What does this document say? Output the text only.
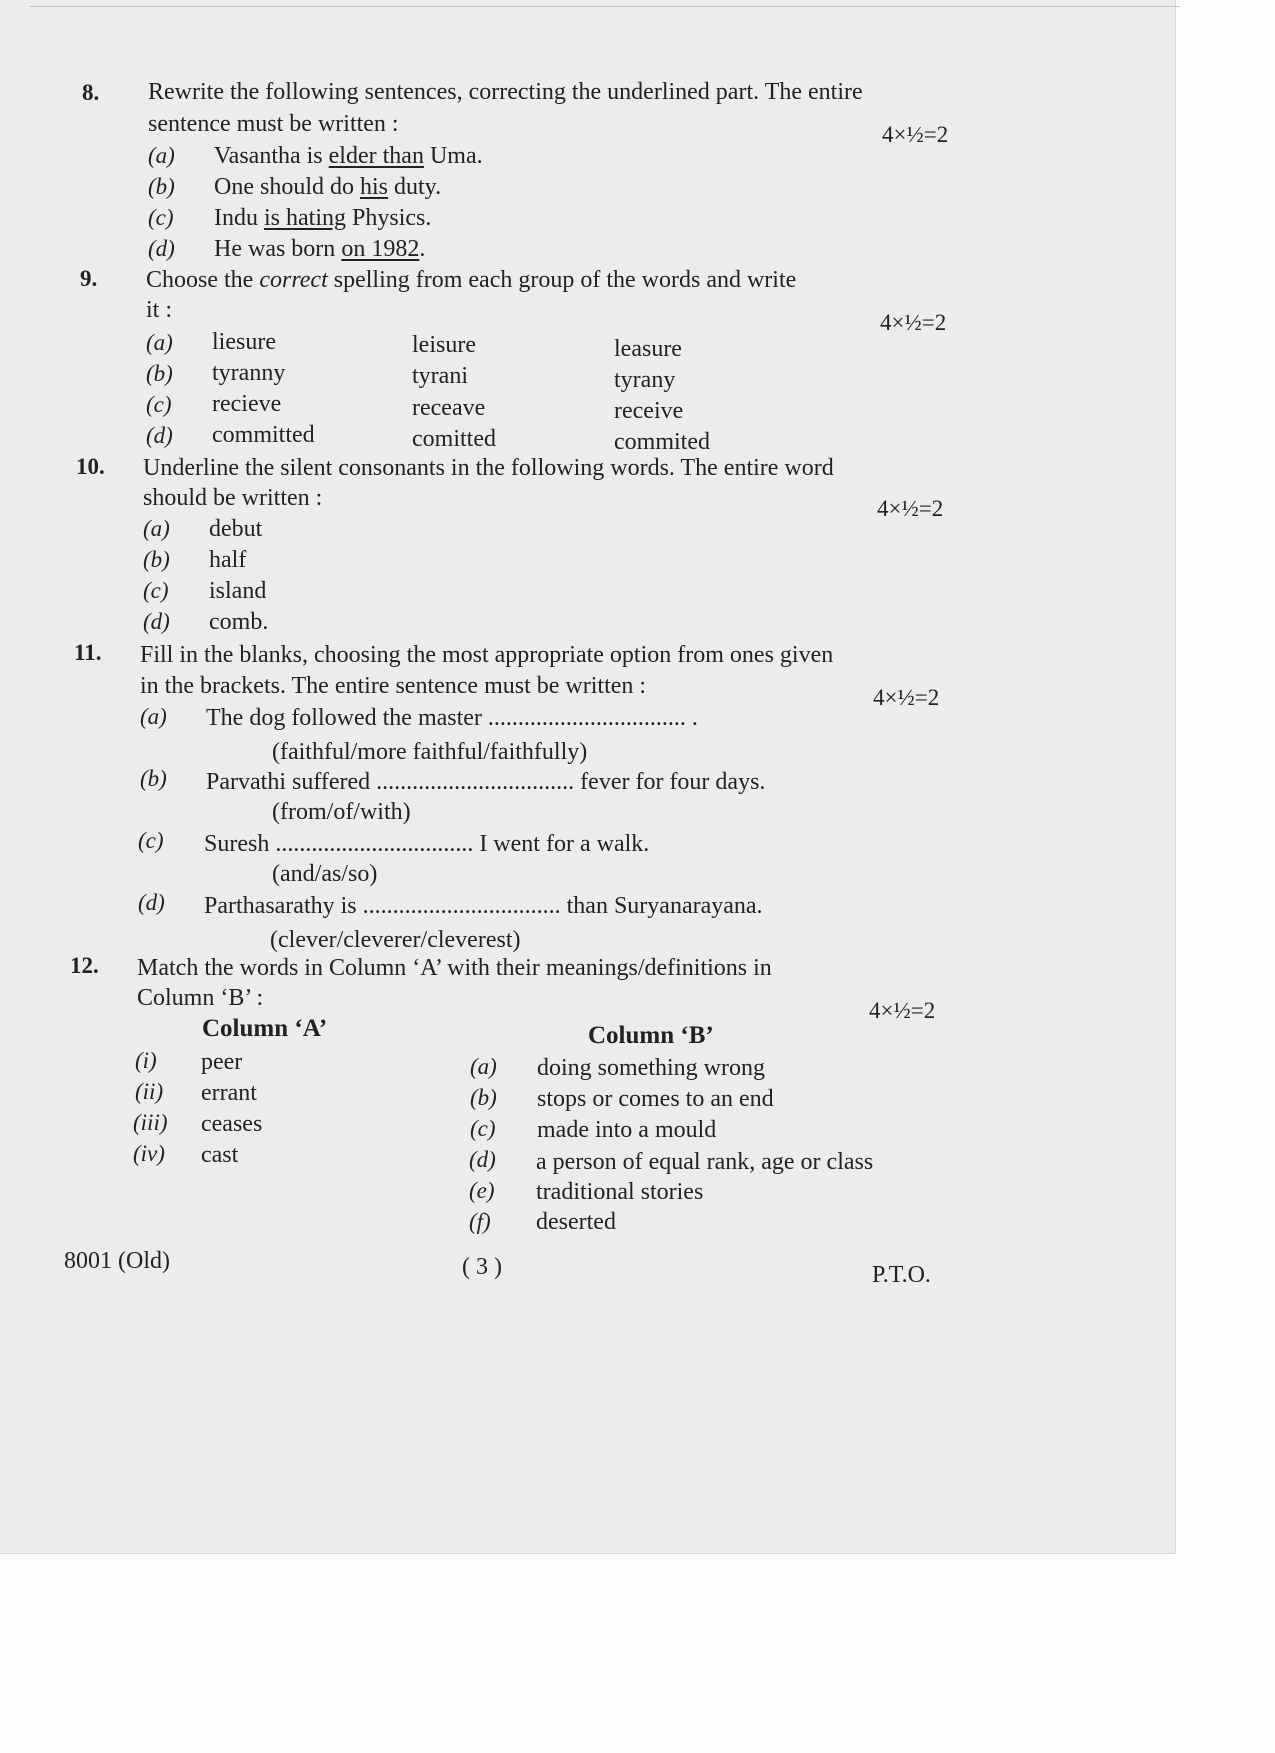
8. Rewrite the following sentences, correcting the underlined part. The entire
sentence must be written :	4×½=2
(a) Vasantha is elder than Uma.
(b) One should do his duty.
(c) Indu is hating Physics.
(d) He was born on 1982.
9. Choose the correct spelling from each group of the words and write
it :	4×½=2
(a) liesure	leisure	leasure
(b) tyranny	tyrani	tyrany
(c) recieve	receave	receive
(d) committed	comitted	commited
10. Underline the silent consonants in the following words. The entire word
should be written :	4×½=2
(a) debut
(b) half
(c) island
(d) comb.
11. Fill in the blanks, choosing the most appropriate option from ones given
in the brackets. The entire sentence must be written :	4×½=2
(a) The dog followed the master ................................. .
(faithful/more faithful/faithfully)
(b) Parvathi suffered ................................. fever for four days.
(from/of/with)
(c) Suresh ................................. I went for a walk.
(and/as/so)
(d) Parthasarathy is ................................. than Suryanarayana.
(clever/cleverer/cleverest)
12. Match the words in Column ‘A’ with their meanings/definitions in
Column ‘B’ :	4×½=2
Column ‘A’	Column ‘B’
(i) peer
(ii) errant
(iii) ceases
(iv) cast
(a) doing something wrong
(b) stops or comes to an end
(c) made into a mould
(d) a person of equal rank, age or class
(e) traditional stories
(f) deserted
8001 (Old)	( 3 )	P.T.O.
